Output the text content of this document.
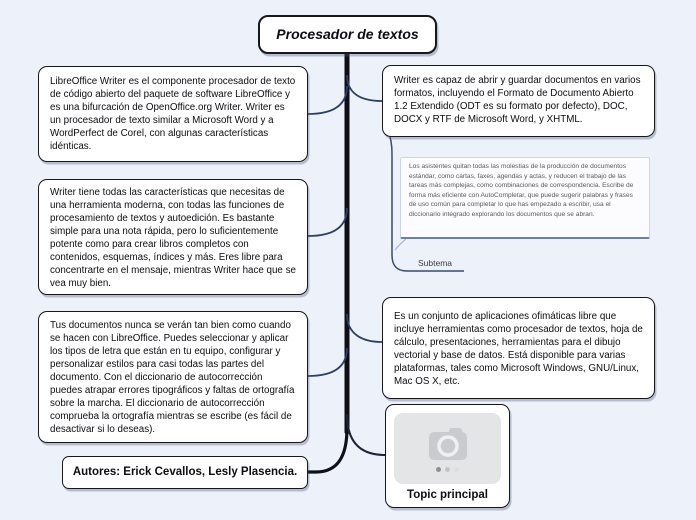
Procesador de textos
LibreOffice Writer es el componente procesador de texto de código abierto del paquete de software LibreOffice y es una bifurcación de OpenOffice.org Writer. Writer es un procesador de texto similar a Microsoft Word y a WordPerfect de Corel, con algunas características idénticas.
Writer tiene todas las características que necesitas de una herramienta moderna, con todas las funciones de procesamiento de textos y autoedición. Es bastante simple para una nota rápida, pero lo suficientemente potente como para crear libros completos con contenidos, esquemas, índices y más. Eres libre para concentrarte en el mensaje, mientras Writer hace que se vea muy bien.
Tus documentos nunca se verán tan bien como cuando se hacen con LibreOffice. Puedes seleccionar y aplicar los tipos de letra que están en tu equipo, configurar y personalizar estilos para casi todas las partes del documento. Con el diccionario de autocorrección puedes atrapar errores tipográficos y faltas de ortografía sobre la marcha. El diccionario de autocorrección comprueba la ortografía mientras se escribe (es fácil de desactivar si lo deseas).
Autores: Erick Cevallos, Lesly Plasencia.
Writer es capaz de abrir y guardar documentos en varios formatos, incluyendo el Formato de Documento Abierto 1.2 Extendido (ODT es su formato por defecto), DOC, DOCX y RTF de Microsoft Word, y XHTML.
Los asistentes quitan todas las molestias de la producción de documentos estándar, como cartas, faxes, agendas y actas, y reducen el trabajo de las tareas más complejas, como combinaciones de correspondencia. Escribe de forma más eficiente con AutoCompletar, que puede sugerir palabras y frases de uso común para completar lo que has empezado a escribir, usa el diccionario integrado explorando los documentos que se abran.
Subtema
Es un conjunto de aplicaciones ofimáticas libre que incluye herramientas como procesador de textos, hoja de cálculo, presentaciones, herramientas para el dibujo vectorial y base de datos. Está disponible para varias plataformas, tales como Microsoft Windows, GNU/Linux, Mac OS X, etc.
Topic principal
